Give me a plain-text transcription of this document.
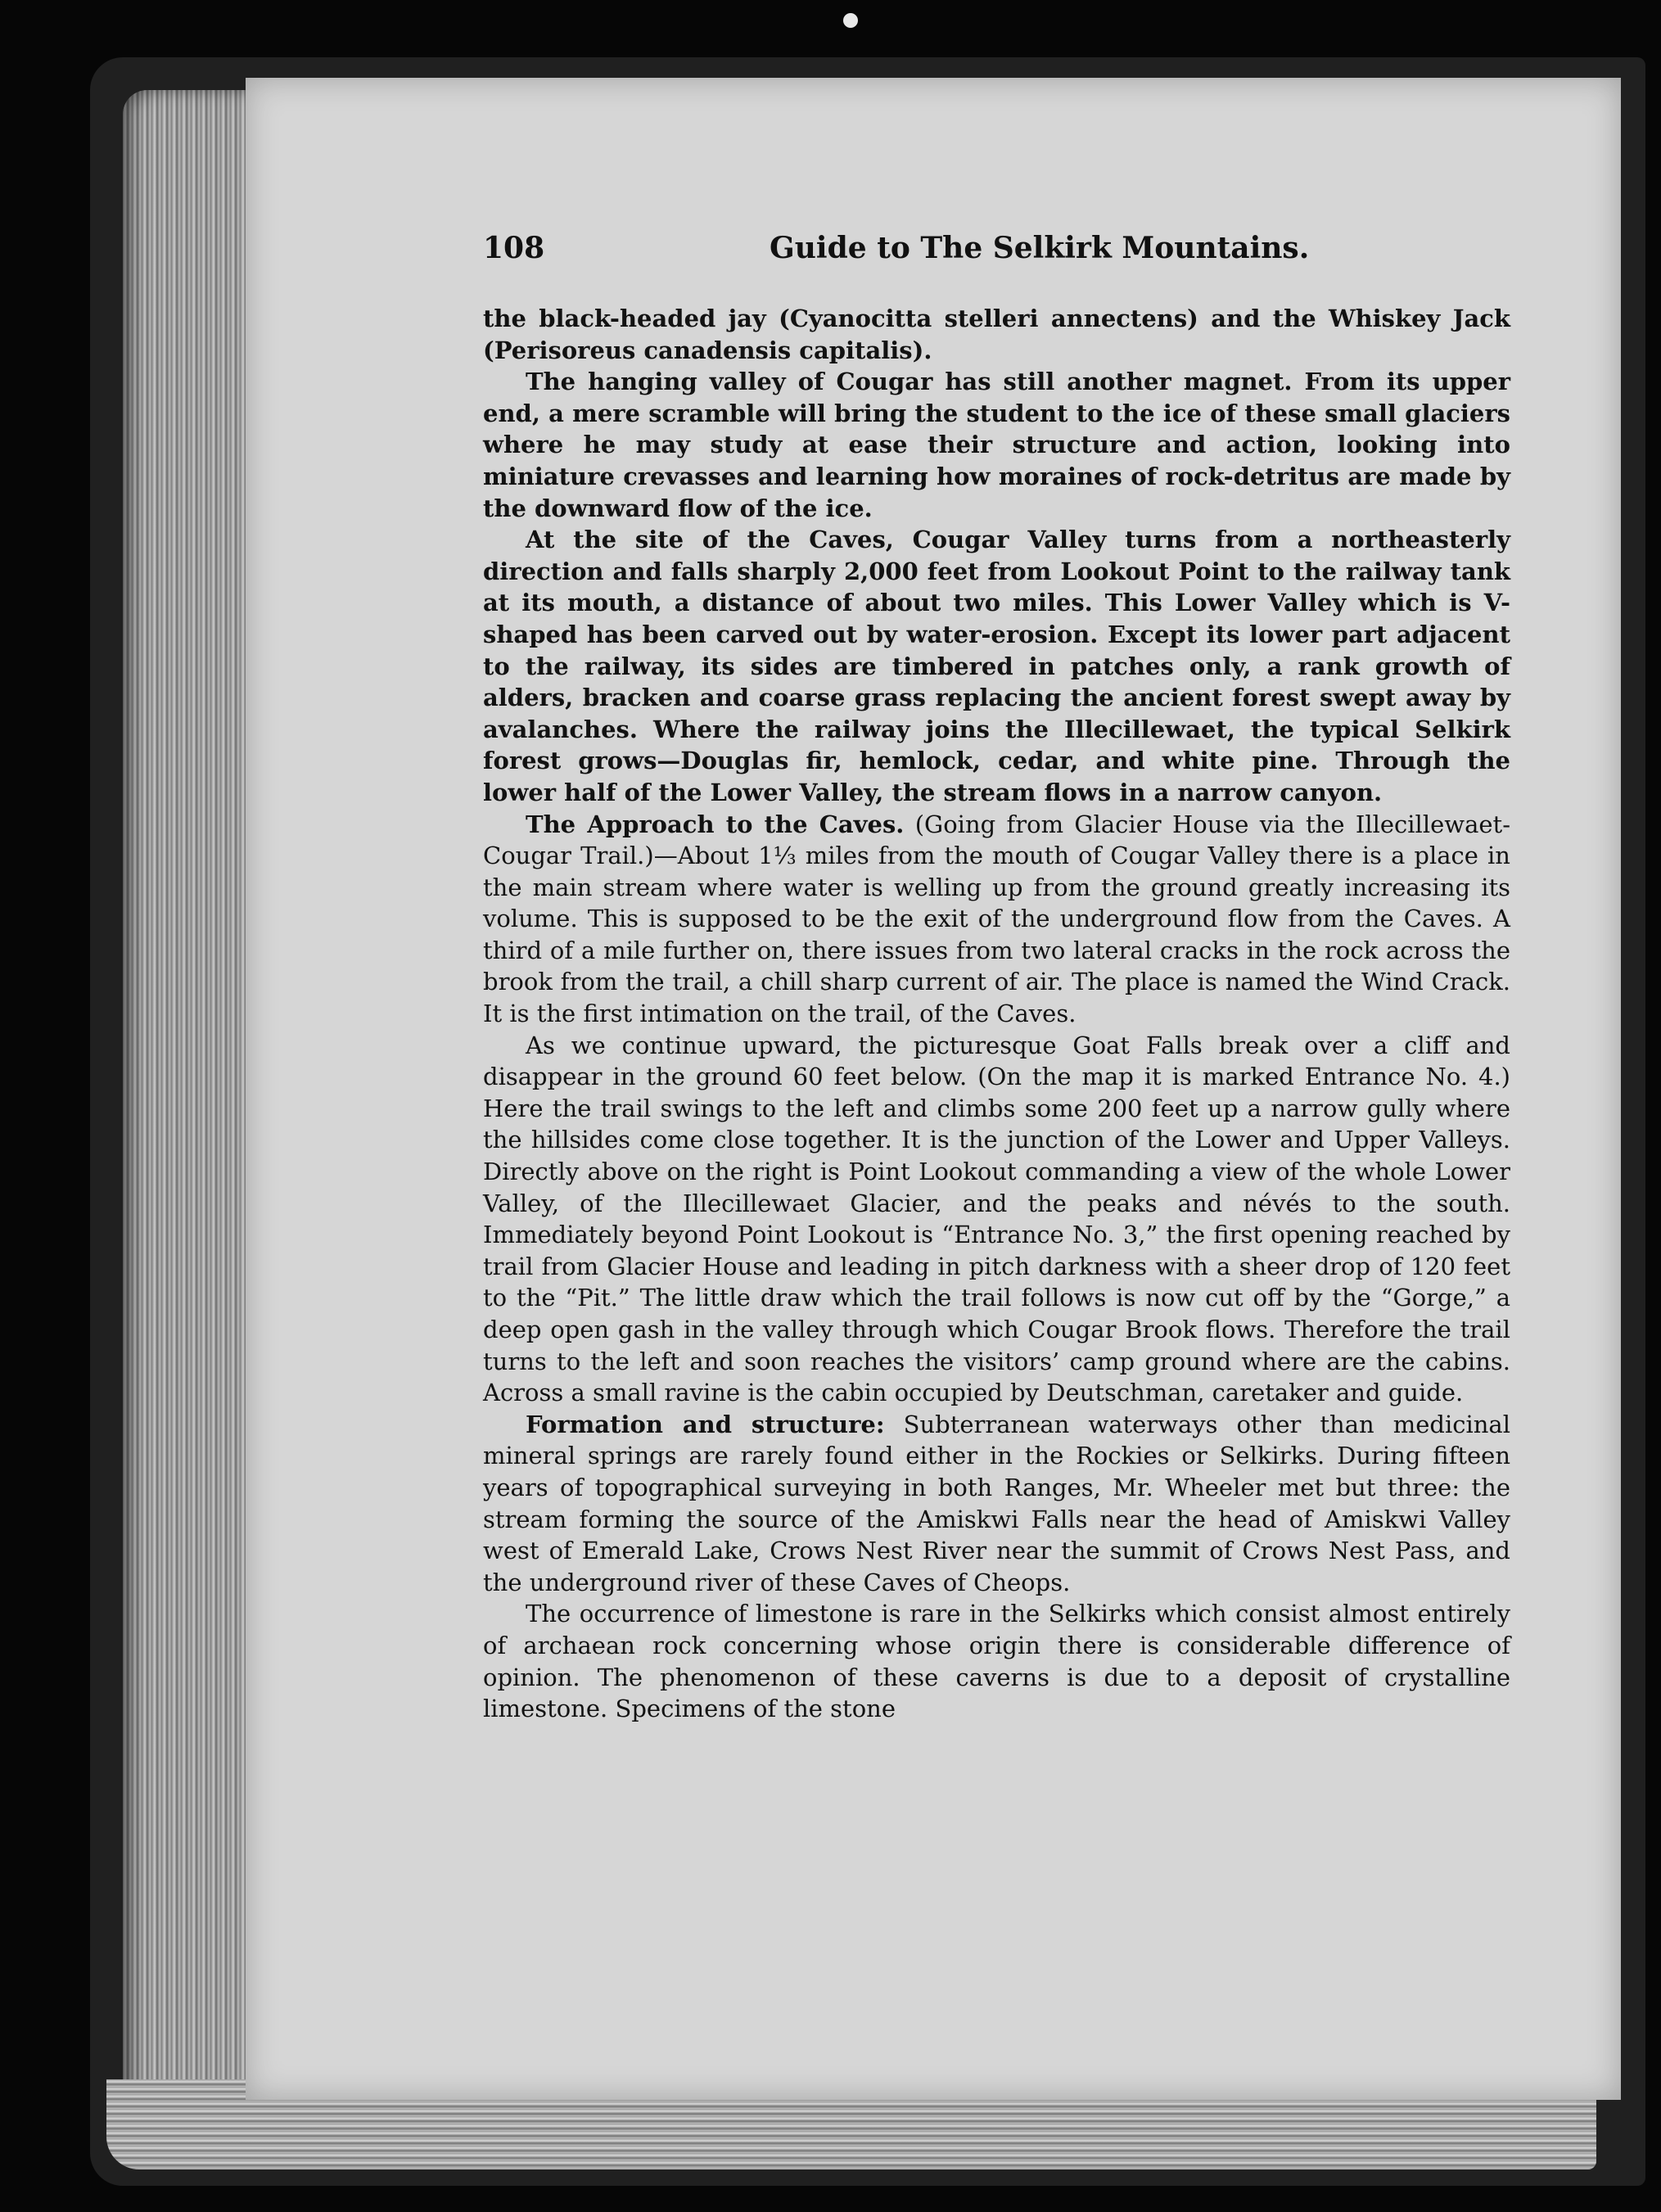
108	Guide to The Selkirk Mountains.

the black-headed jay (Cyanocitta stelleri annectens) and the Whiskey Jack (Perisoreus canadensis capitalis).

The hanging valley of Cougar has still another magnet. From its upper end, a mere scramble will bring the student to the ice of these small glaciers where he may study at ease their structure and action, looking into miniature crevasses and learning how moraines of rock-detritus are made by the downward flow of the ice.

At the site of the Caves, Cougar Valley turns from a northeasterly direction and falls sharply 2,000 feet from Lookout Point to the railway tank at its mouth, a distance of about two miles. This Lower Valley which is V-shaped has been carved out by water-erosion. Except its lower part adjacent to the railway, its sides are timbered in patches only, a rank growth of alders, bracken and coarse grass replacing the ancient forest swept away by avalanches. Where the railway joins the Illecillewaet, the typical Selkirk forest grows—Douglas fir, hemlock, cedar, and white pine. Through the lower half of the Lower Valley, the stream flows in a narrow canyon.

The Approach to the Caves. (Going from Glacier House via the Illecillewaet-Cougar Trail.)—About 1⅓ miles from the mouth of Cougar Valley there is a place in the main stream where water is welling up from the ground greatly increasing its volume. This is supposed to be the exit of the underground flow from the Caves. A third of a mile further on, there issues from two lateral cracks in the rock across the brook from the trail, a chill sharp current of air. The place is named the Wind Crack. It is the first intimation on the trail, of the Caves.

As we continue upward, the picturesque Goat Falls break over a cliff and disappear in the ground 60 feet below. (On the map it is marked Entrance No. 4.) Here the trail swings to the left and climbs some 200 feet up a narrow gully where the hillsides come close together. It is the junction of the Lower and Upper Valleys. Directly above on the right is Point Lookout commanding a view of the whole Lower Valley, of the Illecillewaet Glacier, and the peaks and névés to the south. Immediately beyond Point Lookout is “Entrance No. 3,” the first opening reached by trail from Glacier House and leading in pitch darkness with a sheer drop of 120 feet to the “Pit.” The little draw which the trail follows is now cut off by the “Gorge,” a deep open gash in the valley through which Cougar Brook flows. Therefore the trail turns to the left and soon reaches the visitors’ camp ground where are the cabins. Across a small ravine is the cabin occupied by Deutschman, caretaker and guide.

Formation and structure: Subterranean waterways other than medicinal mineral springs are rarely found either in the Rockies or Selkirks. During fifteen years of topographical surveying in both Ranges, Mr. Wheeler met but three: the stream forming the source of the Amiskwi Falls near the head of Amiskwi Valley west of Emerald Lake, Crows Nest River near the summit of Crows Nest Pass, and the underground river of these Caves of Cheops.

The occurrence of limestone is rare in the Selkirks which consist almost entirely of archaean rock concerning whose origin there is considerable difference of opinion. The phenomenon of these caverns is due to a deposit of crystalline limestone. Specimens of the stone
